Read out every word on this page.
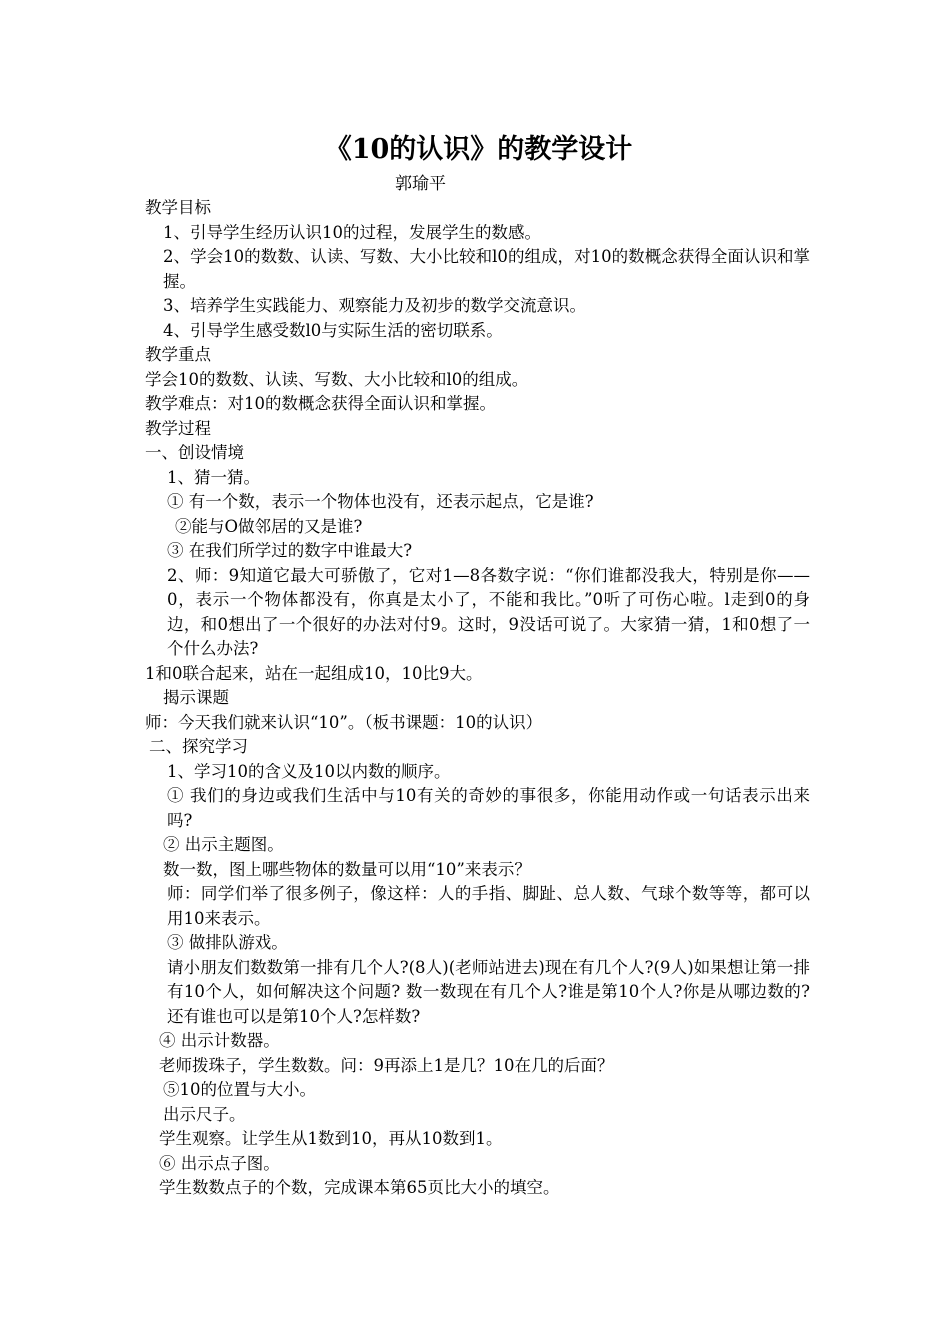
《10的认识》的教学设计
郭瑜平

教学目标

1、引导学生经历认识10的过程，发展学生的数感。

2、学会10的数数、认读、写数、大小比较和l0的组成，对10的数概念获得全面认识和掌握。

3、培养学生实践能力、观察能力及初步的数学交流意识。

4、引导学生感受数l0与实际生活的密切联系。

教学重点

学会10的数数、认读、写数、大小比较和l0的组成。

教学难点：对10的数概念获得全面认识和掌握。

教学过程

一、创设情境

1、猜一猜。

① 有一个数，表示一个物体也没有，还表示起点，它是谁?

②能与O做邻居的又是谁?

③ 在我们所学过的数字中谁最大?

2、师：9知道它最大可骄傲了，它对1—8各数字说：“你们谁都没我大，特别是你——0，表示一个物体都没有，你真是太小了，不能和我比。”0听了可伤心啦。l走到0的身边，和0想出了一个很好的办法对付9。这时，9没话可说了。大家猜一猜，1和0想了一个什么办法?

1和0联合起来，站在一起组成10，10比9大。

揭示课题

师：今天我们就来认识“10”。（板书课题：10的认识）

二、探究学习

1、学习10的含义及10以内数的顺序。

① 我们的身边或我们生活中与10有关的奇妙的事很多，你能用动作或一句话表示出来吗?

② 出示主题图。

数一数，图上哪些物体的数量可以用“10”来表示？

师：同学们举了很多例子，像这样：人的手指、脚趾、总人数、气球个数等等，都可以用10来表示。

③ 做排队游戏。

请小朋友们数数第一排有几个人?(8人)(老师站进去)现在有几个人?(9人)如果想让第一排有10个人，如何解决这个问题? 数一数现在有几个人?谁是第10个人?你是从哪边数的?还有谁也可以是第10个人?怎样数?

④ 出示计数器。

老师拨珠子，学生数数。问：9再添上1是几？10在几的后面？

⑤10的位置与大小。

出示尺子。

学生观察。让学生从1数到10，再从10数到1。

⑥ 出示点子图。

学生数数点子的个数，完成课本第65页比大小的填空。
